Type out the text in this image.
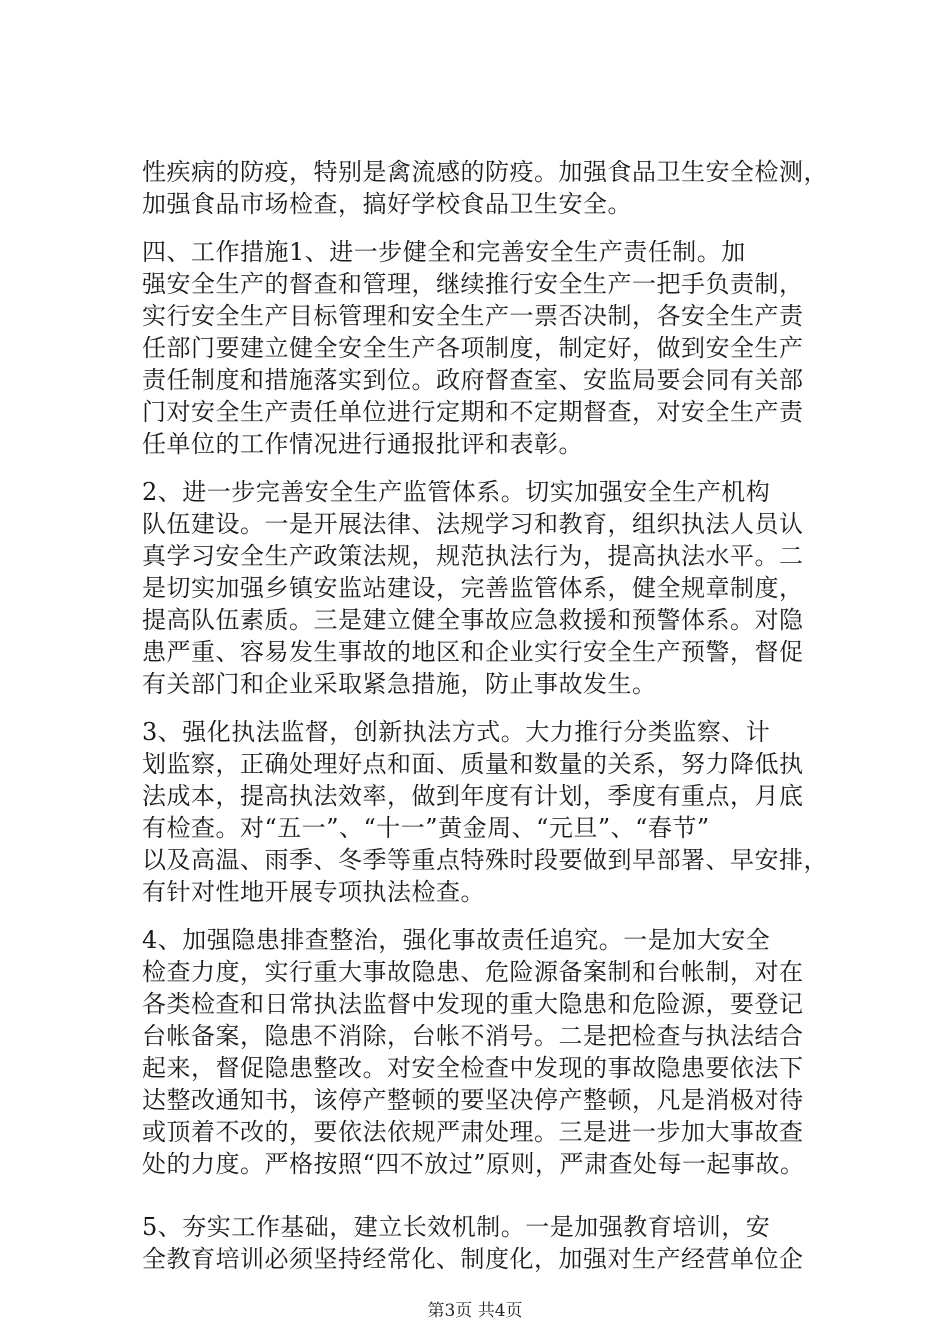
性疾病的防疫，特别是禽流感的防疫。加强食品卫生安全检测，
加强食品市场检查，搞好学校食品卫生安全。
四、工作措施1、进一步健全和完善安全生产责任制。加
强安全生产的督查和管理，继续推行安全生产一把手负责制，
实行安全生产目标管理和安全生产一票否决制，各安全生产责
任部门要建立健全安全生产各项制度，制定好，做到安全生产
责任制度和措施落实到位。政府督查室、安监局要会同有关部
门对安全生产责任单位进行定期和不定期督查，对安全生产责
任单位的工作情况进行通报批评和表彰。
2、进一步完善安全生产监管体系。切实加强安全生产机构
队伍建设。一是开展法律、法规学习和教育，组织执法人员认
真学习安全生产政策法规，规范执法行为，提高执法水平。二
是切实加强乡镇安监站建设，完善监管体系，健全规章制度，
提高队伍素质。三是建立健全事故应急救援和预警体系。对隐
患严重、容易发生事故的地区和企业实行安全生产预警，督促
有关部门和企业采取紧急措施，防止事故发生。
3、强化执法监督，创新执法方式。大力推行分类监察、计
划监察，正确处理好点和面、质量和数量的关系，努力降低执
法成本，提高执法效率，做到年度有计划，季度有重点，月底
有检查。对“五一”、“十一”黄金周、“元旦”、“春节”
以及高温、雨季、冬季等重点特殊时段要做到早部署、早安排，
有针对性地开展专项执法检查。
4、加强隐患排查整治，强化事故责任追究。一是加大安全
检查力度，实行重大事故隐患、危险源备案制和台帐制，对在
各类检查和日常执法监督中发现的重大隐患和危险源，要登记
台帐备案，隐患不消除，台帐不消号。二是把检查与执法结合
起来，督促隐患整改。对安全检查中发现的事故隐患要依法下
达整改通知书，该停产整顿的要坚决停产整顿，凡是消极对待
或顶着不改的，要依法依规严肃处理。三是进一步加大事故查
处的力度。严格按照“四不放过”原则，严肃查处每一起事故。
5、夯实工作基础，建立长效机制。一是加强教育培训，安
全教育培训必须坚持经常化、制度化，加强对生产经营单位企
第3页 共4页
